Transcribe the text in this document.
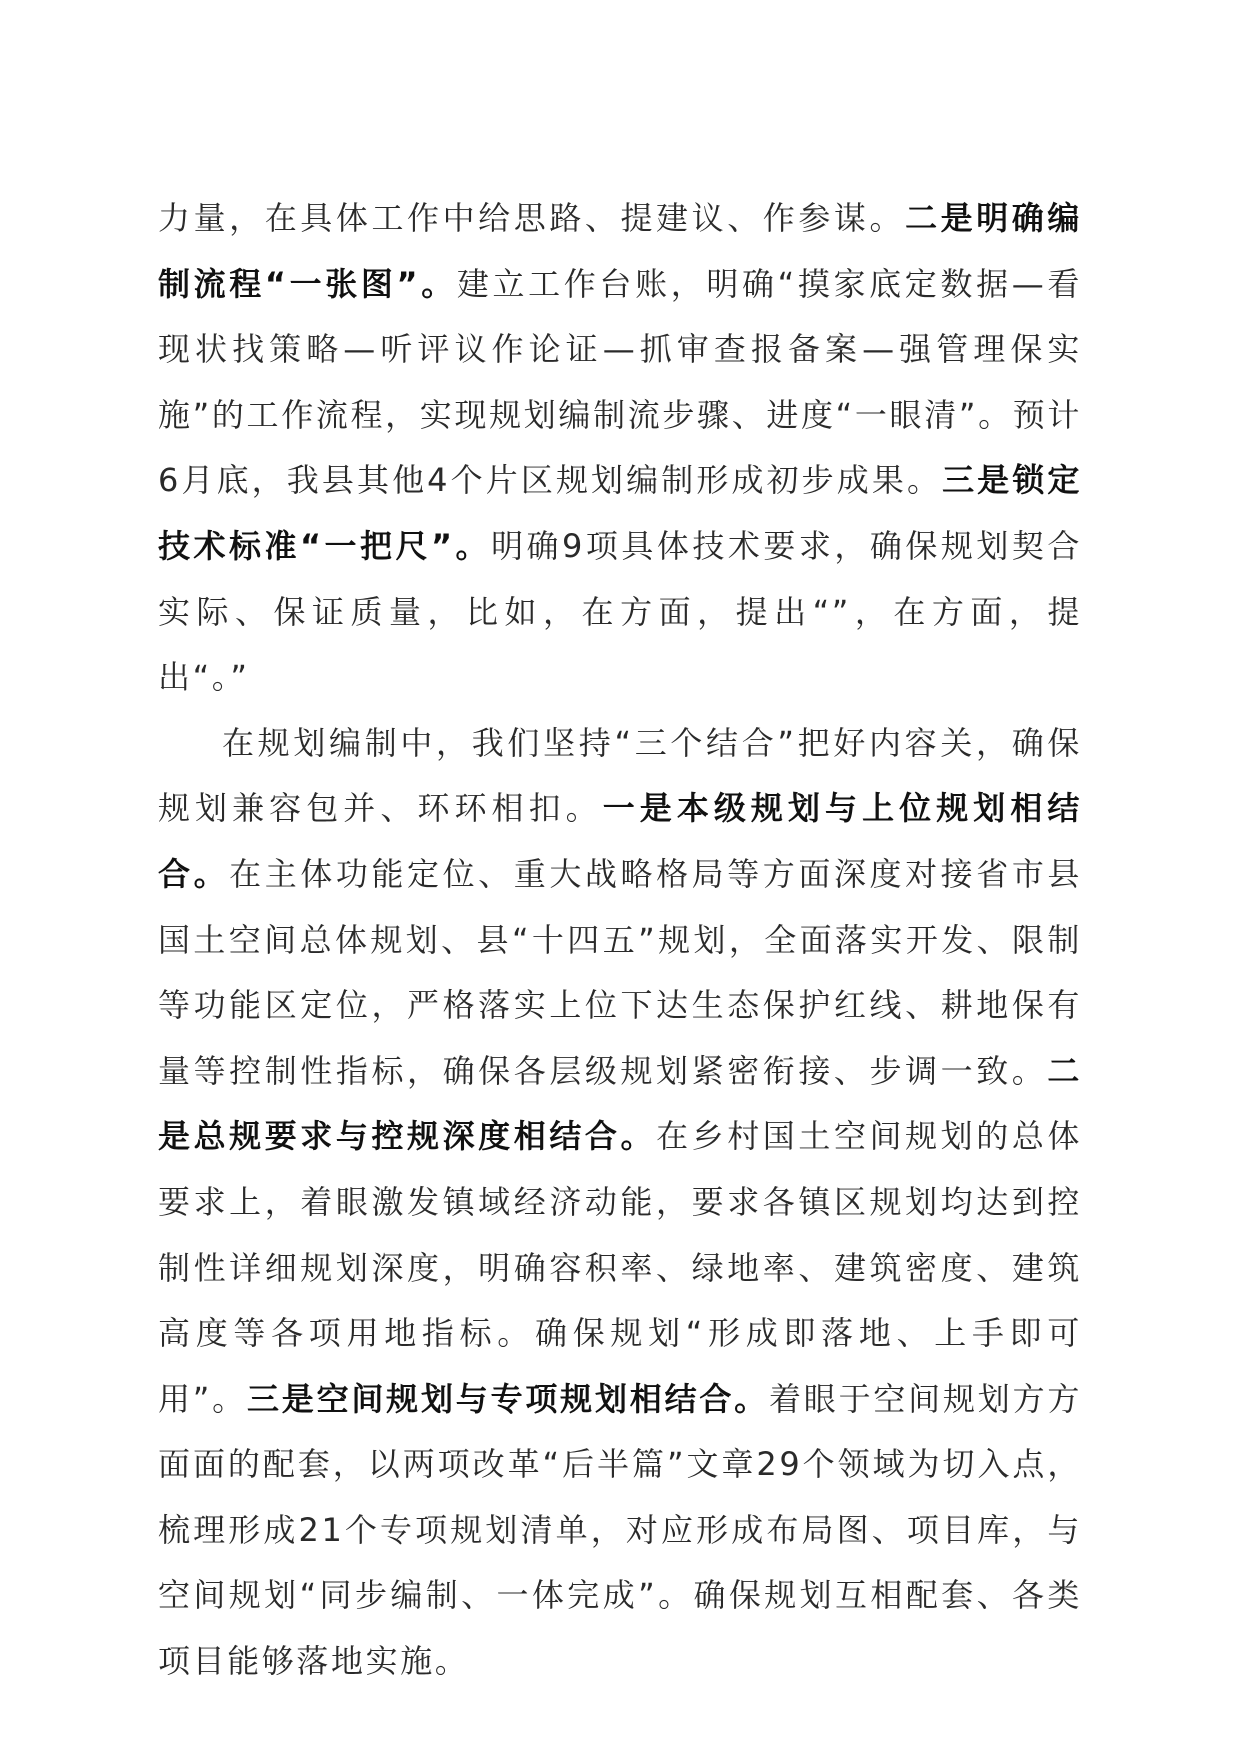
力量，在具体工作中给思路、提建议、作参谋。二是明确编制流程“一张图”。建立工作台账，明确“摸家底定数据—看现状找策略—听评议作论证—抓审查报备案—强管理保实施”的工作流程，实现规划编制流步骤、进度“一眼清”。预计6月底，我县其他4个片区规划编制形成初步成果。三是锁定技术标准“一把尺”。明确9项具体技术要求，确保规划契合实际、保证质量，比如，在方面，提出“”，在方面，提出“。”

在规划编制中，我们坚持“三个结合”把好内容关，确保规划兼容包并、环环相扣。一是本级规划与上位规划相结合。在主体功能定位、重大战略格局等方面深度对接省市县国土空间总体规划、县“十四五”规划，全面落实开发、限制等功能区定位，严格落实上位下达生态保护红线、耕地保有量等控制性指标，确保各层级规划紧密衔接、步调一致。二是总规要求与控规深度相结合。在乡村国土空间规划的总体要求上，着眼激发镇域经济动能，要求各镇区规划均达到控制性详细规划深度，明确容积率、绿地率、建筑密度、建筑高度等各项用地指标。确保规划“形成即落地、上手即可用”。三是空间规划与专项规划相结合。着眼于空间规划方方面面的配套，以两项改革“后半篇”文章29个领域为切入点，梳理形成21个专项规划清单，对应形成布局图、项目库，与空间规划“同步编制、一体完成”。确保规划互相配套、各类项目能够落地实施。
